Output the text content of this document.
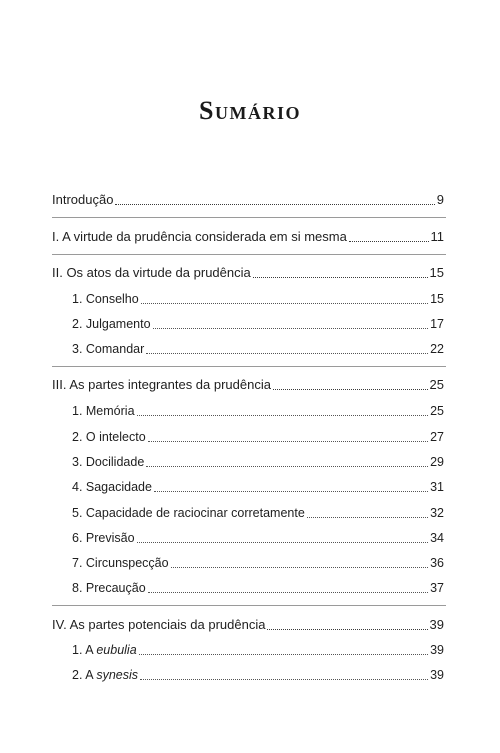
Sumário
Introdução	9
I. A virtude da prudência considerada em si mesma	11
II. Os atos da virtude da prudência	15
1. Conselho	15
2. Julgamento	17
3. Comandar	22
III. As partes integrantes da prudência	25
1. Memória	25
2. O intelecto	27
3. Docilidade	29
4. Sagacidade	31
5. Capacidade de raciocinar corretamente	32
6. Previsão	34
7. Circunspecção	36
8. Precaução	37
IV. As partes potenciais da prudência	39
1. A eubulia	39
2. A synesis	39
